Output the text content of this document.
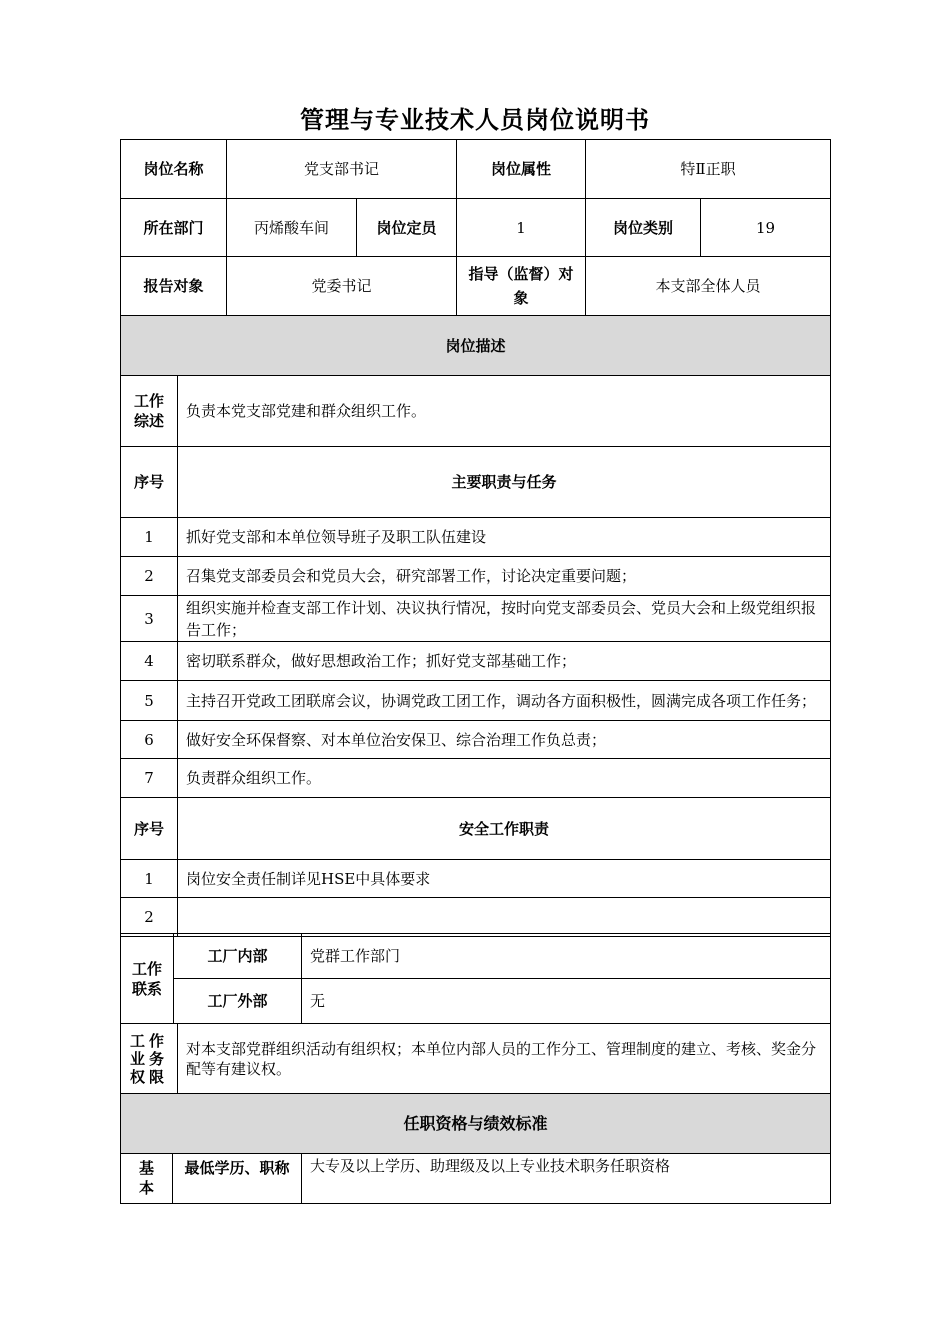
管理与专业技术人员岗位说明书
岗位名称	党支部书记		岗位属性	特Ⅱ正职	
所在部门	丙烯酸车间	岗位定员	1	岗位类别	19
报告对象	党委书记		指导（监督）对象	本支部全体人员	
岗位描述	
工作综述	负责本党支部党建和群众组织工作。
序号	主要职责与任务
1	抓好党支部和本单位领导班子及职工队伍建设
2	召集党支部委员会和党员大会，研究部署工作，讨论决定重要问题；
3	组织实施并检查支部工作计划、决议执行情况，按时向党支部委员会、党员大会和上级党组织报告工作；
4	密切联系群众，做好思想政治工作；抓好党支部基础工作；
5	主持召开党政工团联席会议，协调党政工团工作，调动各方面积极性，圆满完成各项工作任务；
6	做好安全环保督察、对本单位治安保卫、综合治理工作负总责；
7	负责群众组织工作。
序号	安全工作职责
1	岗位安全责任制详见HSE中具体要求
2	
工作联系	工厂内部	党群工作部门
	工厂外部	无
工作业务权限	对本支部党群组织活动有组织权；本单位内部人员的工作分工、管理制度的建立、考核、奖金分配等有建议权。
任职资格与绩效标准
基本	最低学历、职称	大专及以上学历、助理级及以上专业技术职务任职资格
